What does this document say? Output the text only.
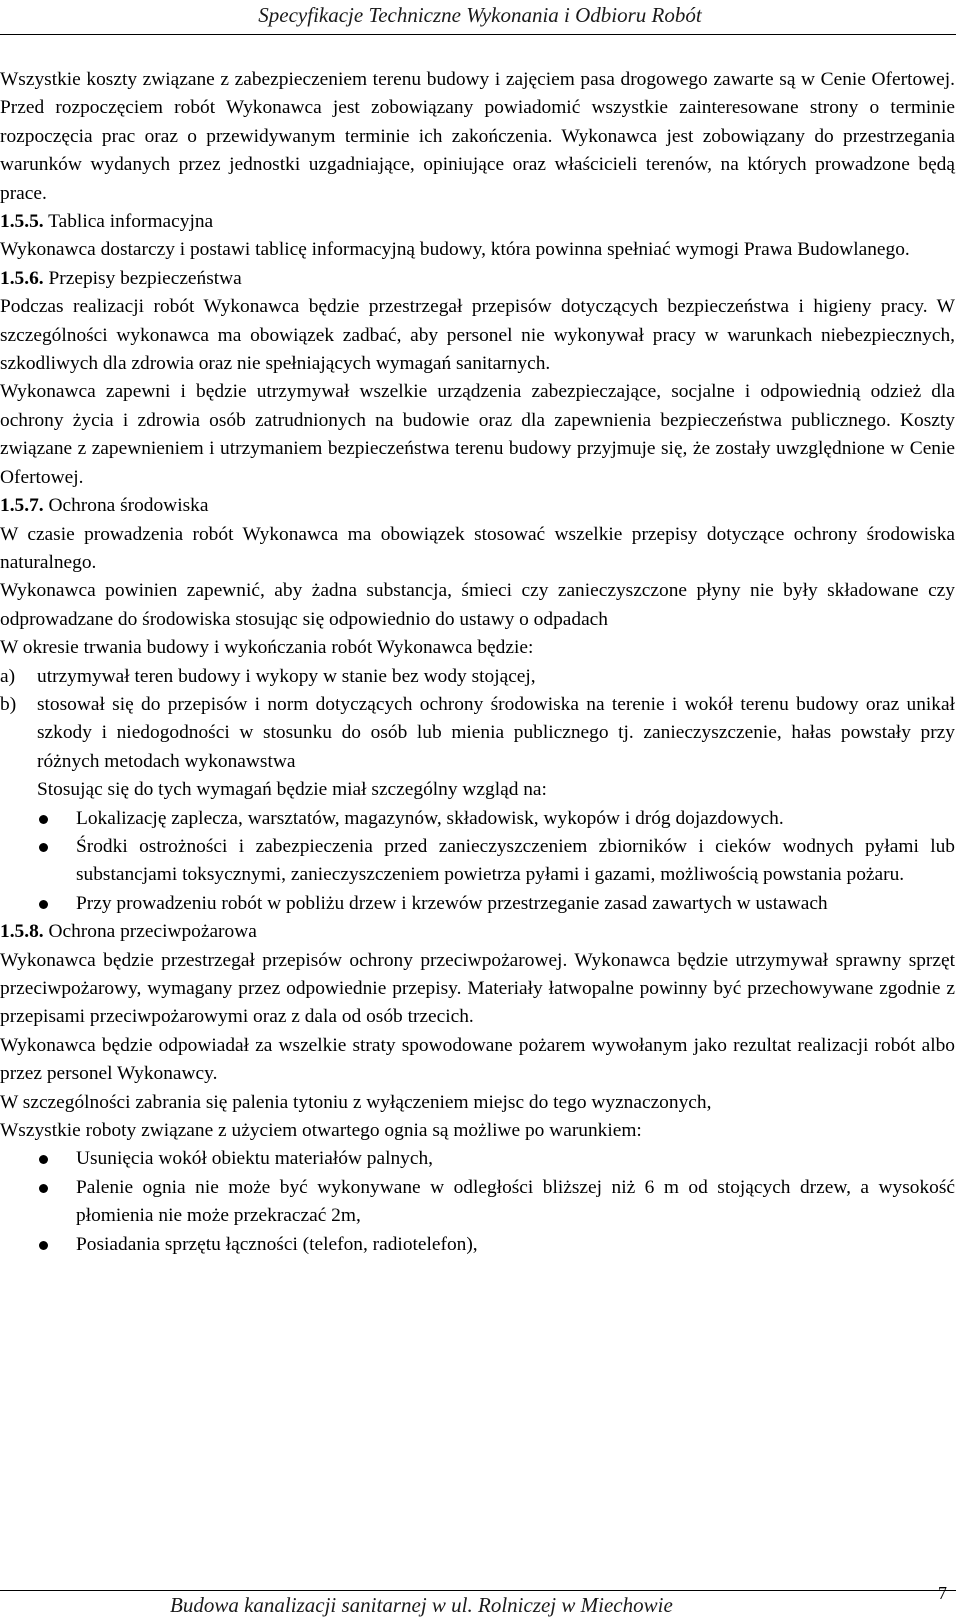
Specyfikacje Techniczne Wykonania i Odbioru Robót

Wszystkie koszty związane z zabezpieczeniem terenu budowy i zajęciem pasa drogowego zawarte są w Cenie Ofertowej. Przed rozpoczęciem robót Wykonawca jest zobowiązany powiadomić wszystkie zainteresowane strony o terminie rozpoczęcia prac oraz o przewidywanym terminie ich zakończenia. Wykonawca jest zobowiązany do przestrzegania warunków wydanych przez jednostki uzgadniające, opiniujące oraz właścicieli terenów, na których prowadzone będą prace.

1.5.5. Tablica informacyjna

Wykonawca dostarczy i postawi tablicę informacyjną budowy, która powinna spełniać wymogi Prawa Budowlanego.

1.5.6. Przepisy bezpieczeństwa

Podczas realizacji robót Wykonawca będzie przestrzegał przepisów dotyczących bezpieczeństwa i higieny pracy. W szczególności wykonawca ma obowiązek zadbać, aby personel nie wykonywał pracy w warunkach niebezpiecznych, szkodliwych dla zdrowia oraz nie spełniających wymagań sanitarnych.

Wykonawca zapewni i będzie utrzymywał wszelkie urządzenia zabezpieczające, socjalne i odpowiednią odzież dla ochrony życia i zdrowia osób zatrudnionych na budowie oraz dla zapewnienia bezpieczeństwa publicznego. Koszty związane z zapewnieniem i utrzymaniem bezpieczeństwa terenu budowy przyjmuje się, że zostały uwzględnione w Cenie Ofertowej.

1.5.7. Ochrona środowiska

W czasie prowadzenia robót Wykonawca ma obowiązek stosować wszelkie przepisy dotyczące ochrony środowiska naturalnego.

Wykonawca powinien zapewnić, aby żadna substancja, śmieci czy zanieczyszczone płyny nie były składowane czy odprowadzane do środowiska stosując się odpowiednio do ustawy o odpadach

W okresie trwania budowy i wykończania robót Wykonawca będzie:

a) utrzymywał teren budowy i wykopy w stanie bez wody stojącej,
b) stosował się do przepisów i norm dotyczących ochrony środowiska na terenie i wokół terenu budowy oraz unikał szkody i niedogodności w stosunku do osób lub mienia publicznego tj. zanieczyszczenie, hałas powstały przy różnych metodach wykonawstwa

Stosując się do tych wymagań będzie miał szczególny wzgląd na:

Lokalizację zaplecza, warsztatów, magazynów, składowisk, wykopów i dróg dojazdowych.
Środki ostrożności i zabezpieczenia przed zanieczyszczeniem zbiorników i cieków wodnych pyłami lub substancjami toksycznymi, zanieczyszczeniem powietrza pyłami i gazami, możliwością powstania pożaru.
Przy prowadzeniu robót w pobliżu drzew i krzewów przestrzeganie zasad zawartych w ustawach

1.5.8. Ochrona przeciwpożarowa

Wykonawca będzie przestrzegał przepisów ochrony przeciwpożarowej. Wykonawca będzie utrzymywał sprawny sprzęt przeciwpożarowy, wymagany przez odpowiednie przepisy. Materiały łatwopalne powinny być przechowywane zgodnie z przepisami przeciwpożarowymi oraz z dala od osób trzecich.

Wykonawca będzie odpowiadał za wszelkie straty spowodowane pożarem wywołanym jako rezultat realizacji robót albo przez personel Wykonawcy.

W szczególności zabrania się palenia tytoniu z wyłączeniem miejsc do tego wyznaczonych,

Wszystkie roboty związane z użyciem otwartego ognia są możliwe po warunkiem:

Usunięcia wokół obiektu materiałów palnych,
Palenie ognia nie może być wykonywane w odległości bliższej niż 6 m od stojących drzew, a wysokość płomienia nie może przekraczać 2m,
Posiadania sprzętu łączności (telefon, radiotelefon),
Budowa kanalizacji sanitarnej w ul. Rolniczej w Miechowie	7
